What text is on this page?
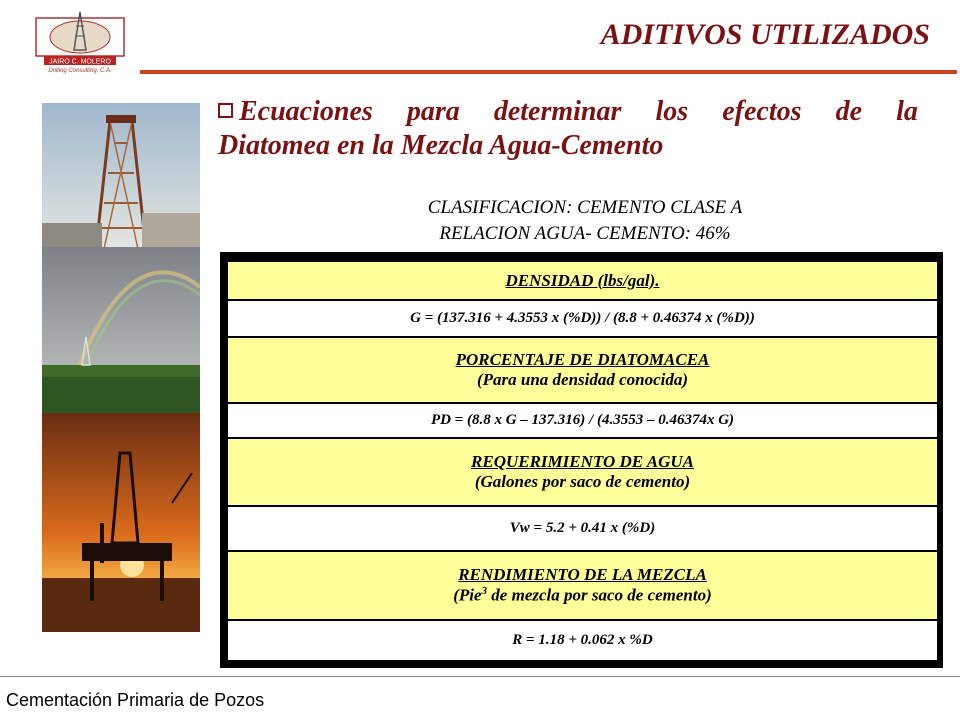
JAIRO C. MOLERO
Drilling Consulting, C.A.
ADITIVOS UTILIZADOS
Ecuaciones para determinar los efectos de la
Diatomea en la Mezcla Agua-Cemento
CLASIFICACION: CEMENTO CLASE A
RELACION AGUA- CEMENTO: 46%
DENSIDAD (lbs/gal).
G = (137.316 + 4.3553 x (%D)) / (8.8 + 0.46374 x (%D))
PORCENTAJE DE DIATOMACEA
(Para una densidad conocida)
PD = (8.8 x G – 137.316) / (4.3553 – 0.46374x G)
REQUERIMIENTO DE AGUA
(Galones por saco de cemento)
Vw = 5.2 + 0.41 x (%D)
RENDIMIENTO DE LA MEZCLA
(Pie$^3$ de mezcla por saco de cemento)
R = 1.18 + 0.062 x %D
Cementación Primaria de Pozos
